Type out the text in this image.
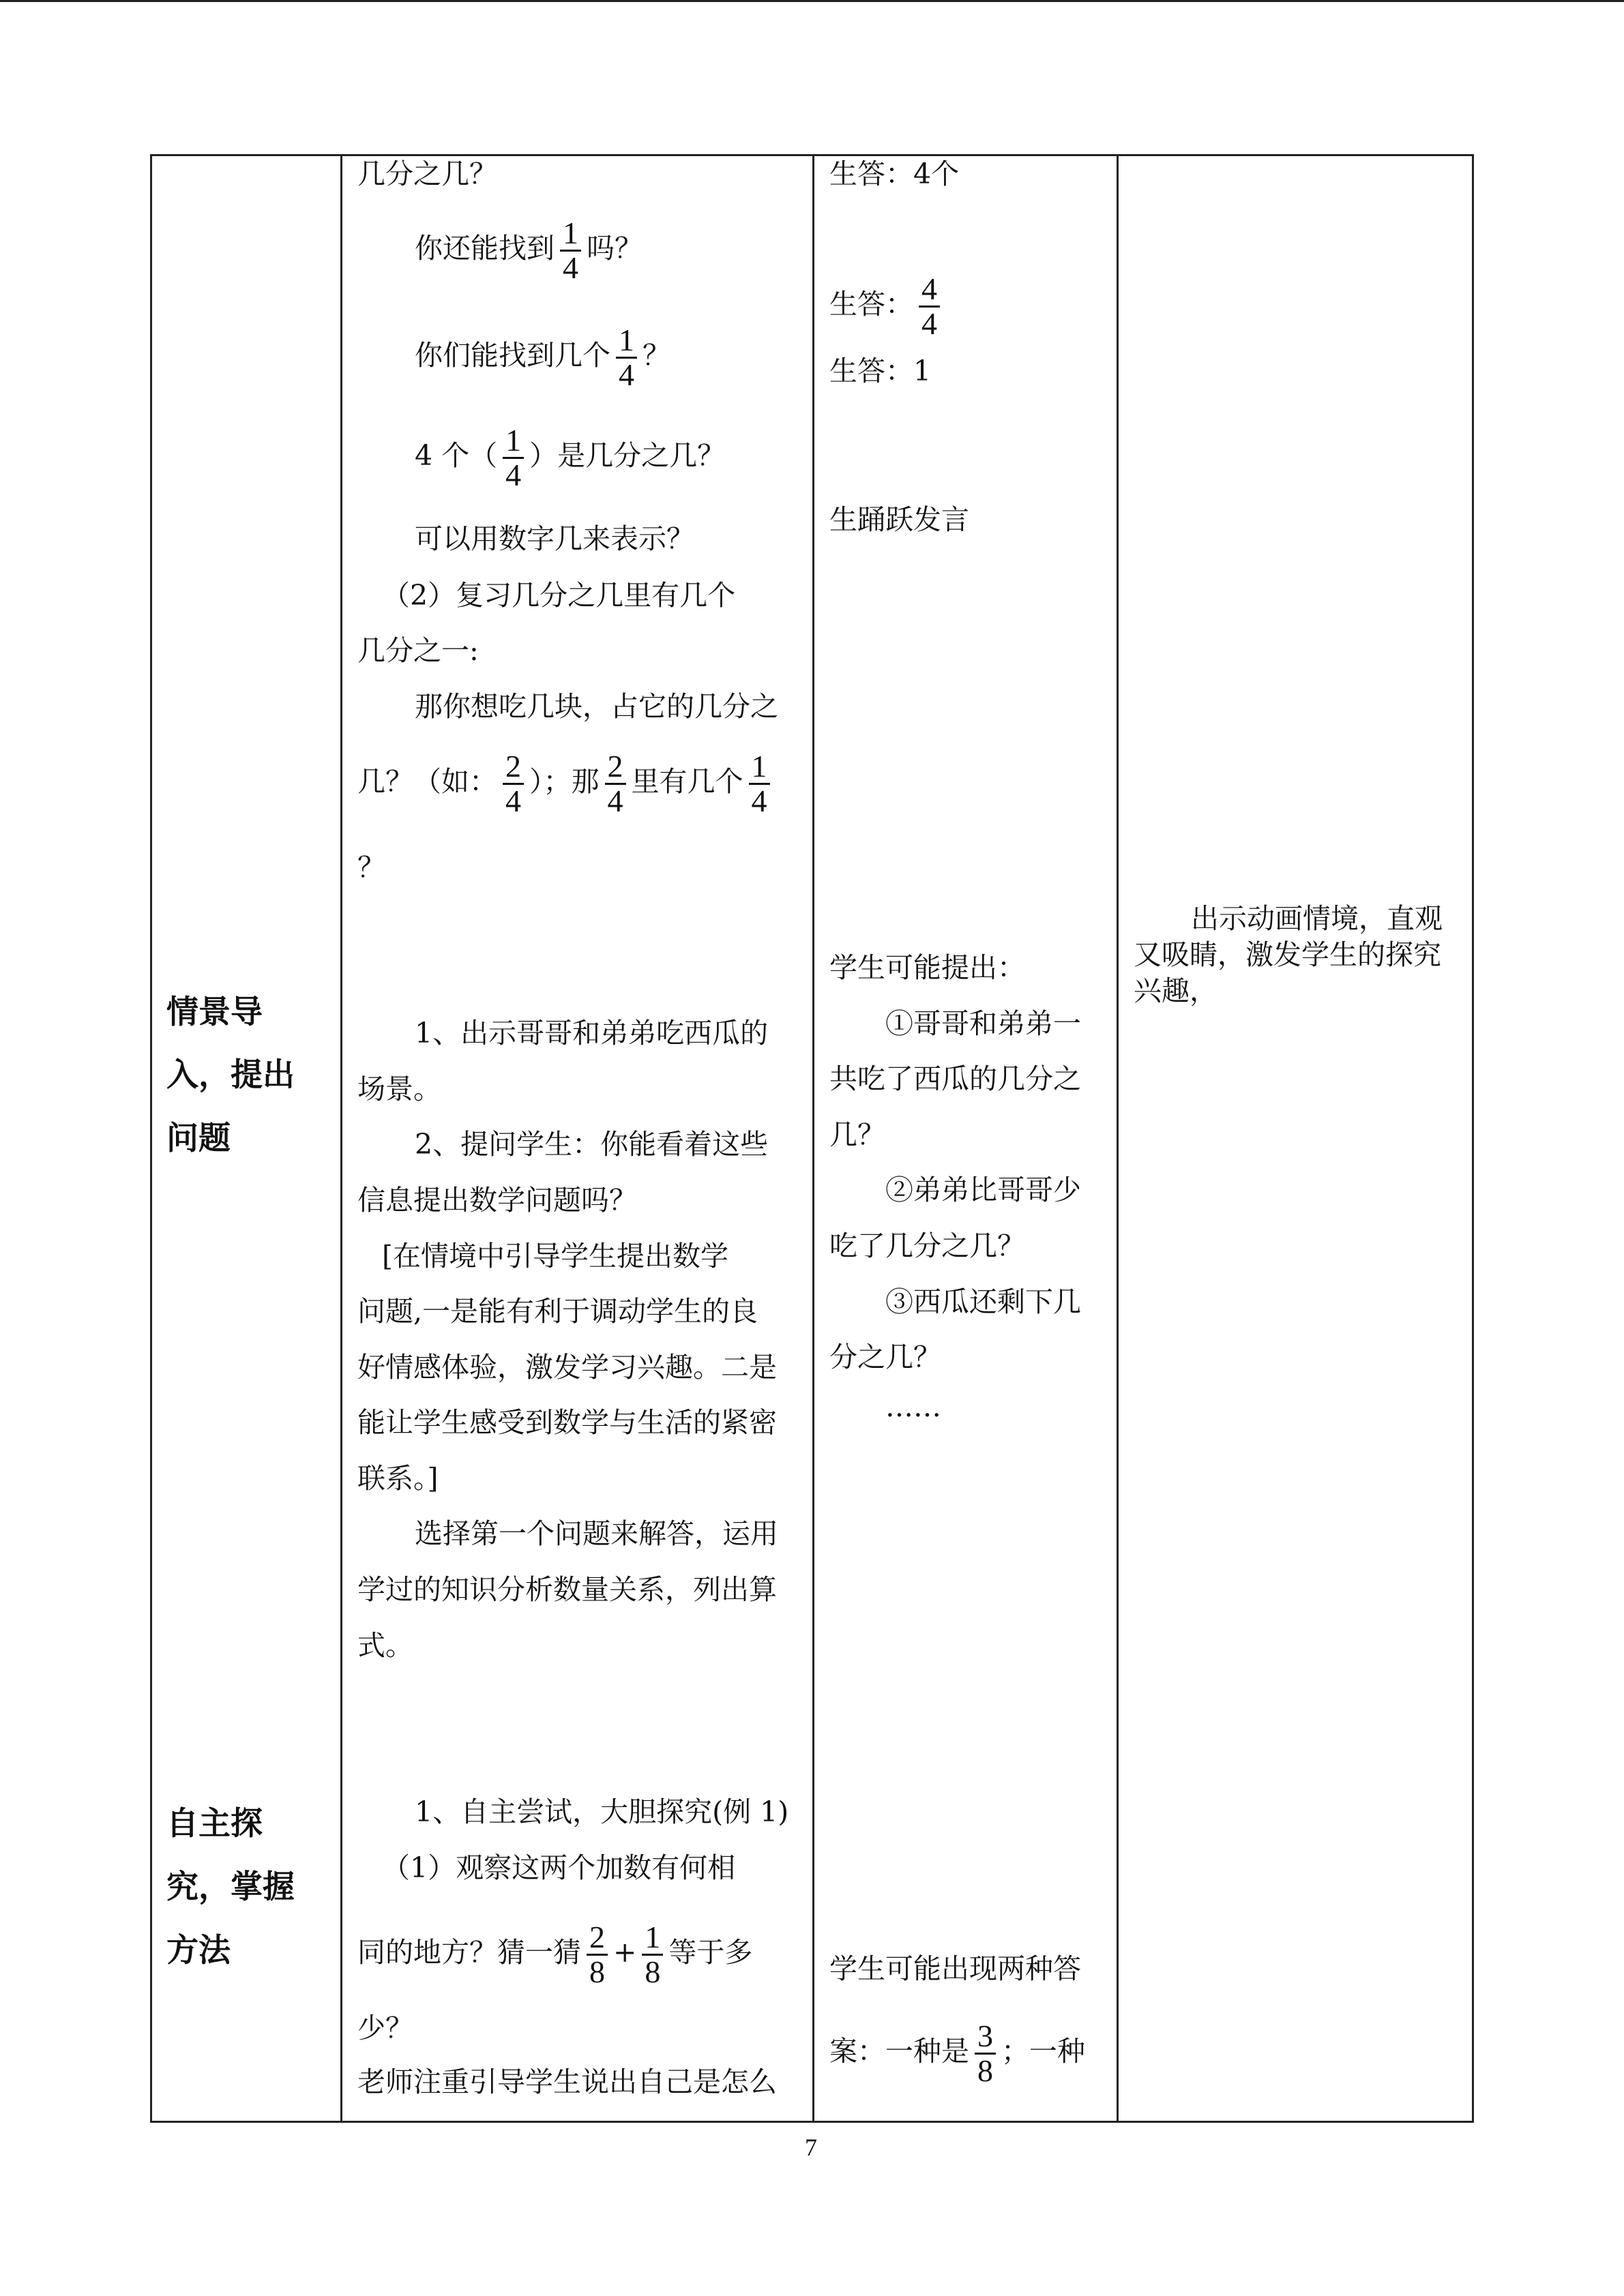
情景导
入，提出
问题
自主探
究，掌握
方法
几分之几？
你还能找到 $\frac{1}{4}$ 吗？
你们能找到几个 $\frac{1}{4}$ ？
4 个（ $\frac{1}{4}$ ）是几分之几？
可以用数字几来表示？
（2）复习几分之几里有几个
几分之一:
那你想吃几块，占它的几分之
几？（如： $\frac{2}{4}$ ）；那 $\frac{2}{4}$ 里有几个 $\frac{1}{4}$
？
1、出示哥哥和弟弟吃西瓜的
场景。
2、提问学生：你能看着这些
信息提出数学问题吗？
[在情境中引导学生提出数学
问题,一是能有利于调动学生的良
好情感体验，激发学习兴趣。二是
能让学生感受到数学与生活的紧密
联系。]
选择第一个问题来解答，运用
学过的知识分析数量关系，列出算
式。
1、自主尝试，大胆探究(例 1)
（1）观察这两个加数有何相
同的地方？猜一猜 $\frac{2}{8} + \frac{1}{8}$ 等于多
少？
老师注重引导学生说出自己是怎么
生答：4个
生答： $\frac{4}{4}$
生答：1
生踊跃发言
学生可能提出：
①哥哥和弟弟一
共吃了西瓜的几分之
几？
②弟弟比哥哥少
吃了几分之几？
③西瓜还剩下几
分之几？
……
学生可能出现两种答
案：一种是 $\frac{3}{8}$ ；一种
出示动画情境，直观
又吸睛，激发学生的探究
兴趣，
7
